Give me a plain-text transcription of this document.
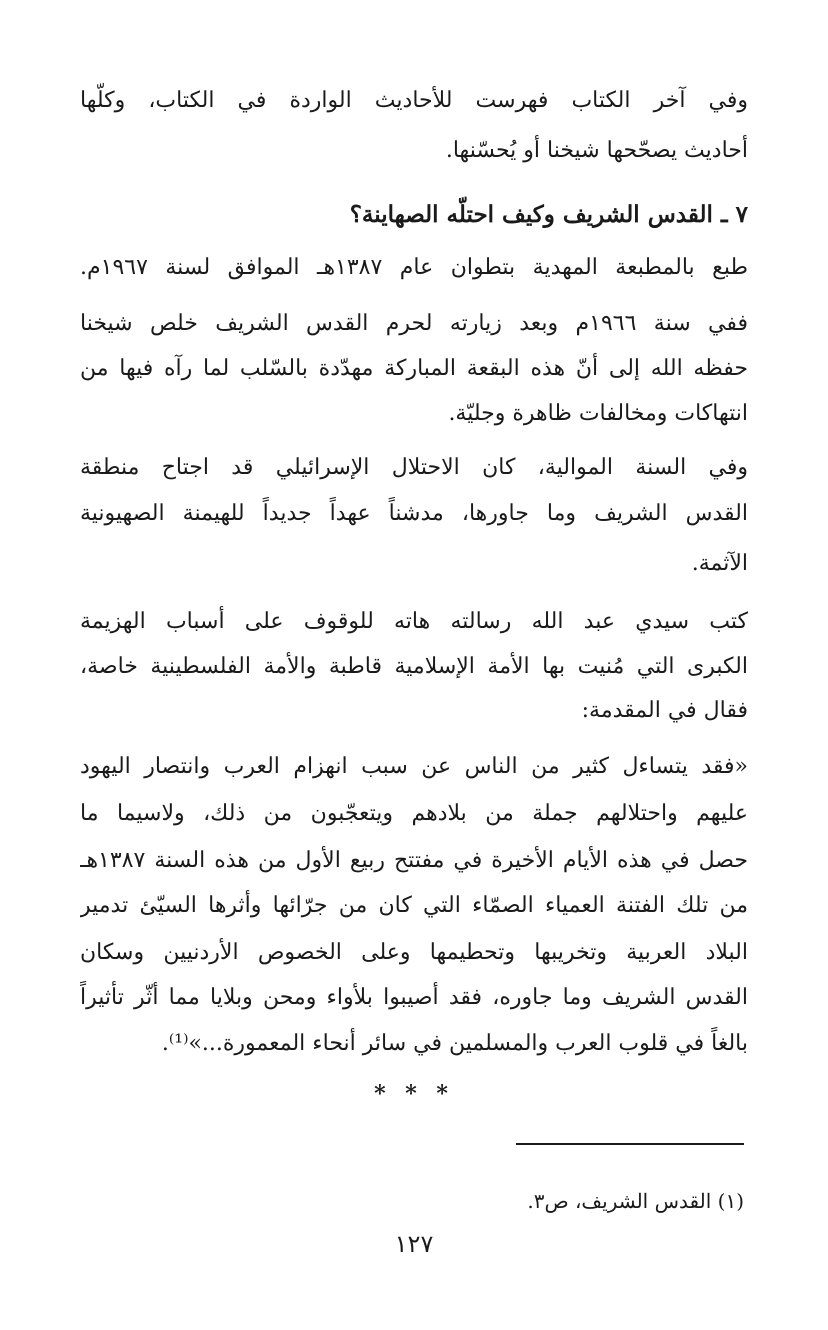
وفي آخر الكتاب فهرست للأحاديث الواردة في الكتاب، وكلّها
أحاديث يصحّحها شيخنا أو يُحسّنها.
٧ ـ القدس الشريف وكيف احتلّه الصهاينة؟
طبع بالمطبعة المهدية بتطوان عام ١٣٨٧هـ الموافق لسنة ١٩٦٧م.
ففي سنة ١٩٦٦م وبعد زيارته لحرم القدس الشريف خلص شيخنا
حفظه الله إلى أنّ هذه البقعة المباركة مهدّدة بالسّلب لما رآه فيها من
انتهاكات ومخالفات ظاهرة وجليّة.
وفي السنة الموالية، كان الاحتلال الإسرائيلي قد اجتاح منطقة
القدس الشريف وما جاورها، مدشناً عهداً جديداً للهيمنة الصهيونية
الآثمة.
كتب سيدي عبد الله رسالته هاته للوقوف على أسباب الهزيمة
الكبرى التي مُنيت بها الأمة الإسلامية قاطبة والأمة الفلسطينية خاصة،
فقال في المقدمة:
«فقد يتساءل كثير من الناس عن سبب انهزام العرب وانتصار اليهود
عليهم واحتلالهم جملة من بلادهم ويتعجّبون من ذلك، ولاسيما ما
حصل في هذه الأيام الأخيرة في مفتتح ربيع الأول من هذه السنة ١٣٨٧هـ
من تلك الفتنة العمياء الصمّاء التي كان من جرّائها وأثرها السيّئ تدمير
البلاد العربية وتخريبها وتحطيمها وعلى الخصوص الأردنيين وسكان
القدس الشريف وما جاوره، فقد أصيبوا بلأواء ومحن وبلايا مما أثّر تأثيراً
بالغاً في قلوب العرب والمسلمين في سائر أنحاء المعمورة...»⁽¹⁾.
* * *
(١) القدس الشريف، ص٣.
١٢٧
